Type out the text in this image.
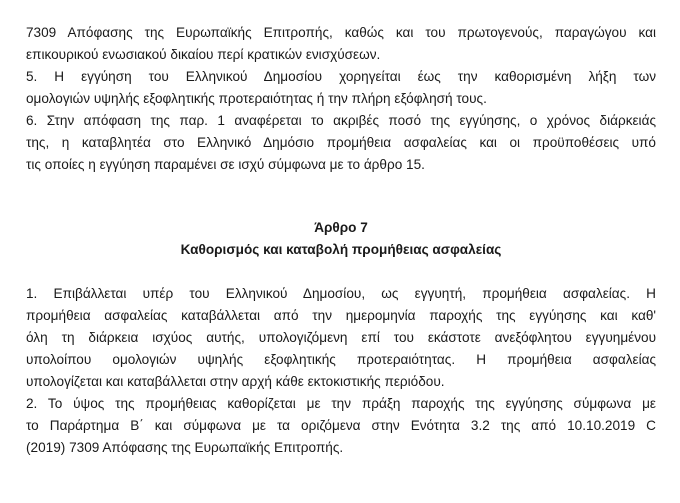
7309 Απόφασης της Ευρωπαϊκής Επιτροπής, καθώς και του πρωτογενούς, παραγώγου και
επικουρικού ενωσιακού δικαίου περί κρατικών ενισχύσεων.
5. Η εγγύηση του Ελληνικού Δημοσίου χορηγείται έως την καθορισμένη λήξη των
ομολογιών υψηλής εξοφλητικής προτεραιότητας ή την πλήρη εξόφλησή τους.
6. Στην απόφαση της παρ. 1 αναφέρεται το ακριβές ποσό της εγγύησης, ο χρόνος διάρκειάς
της, η καταβλητέα στο Ελληνικό Δημόσιο προμήθεια ασφαλείας και οι προϋποθέσεις υπό
τις οποίες η εγγύηση παραμένει σε ισχύ σύμφωνα με το άρθρο 15.
Άρθρο 7
Καθορισμός και καταβολή προμήθειας ασφαλείας
1. Επιβάλλεται υπέρ του Ελληνικού Δημοσίου, ως εγγυητή, προμήθεια ασφαλείας. Η
προμήθεια ασφαλείας καταβάλλεται από την ημερομηνία παροχής της εγγύησης και καθ'
όλη τη διάρκεια ισχύος αυτής, υπολογιζόμενη επί του εκάστοτε ανεξόφλητου εγγυημένου
υπολοίπου ομολογιών υψηλής εξοφλητικής προτεραιότητας. Η προμήθεια ασφαλείας
υπολογίζεται και καταβάλλεται στην αρχή κάθε εκτοκιστικής περιόδου.
2. Το ύψος της προμήθειας καθορίζεται με την πράξη παροχής της εγγύησης σύμφωνα με
το Παράρτημα Β΄ και σύμφωνα με τα οριζόμενα στην Ενότητα 3.2 της από 10.10.2019 C
(2019) 7309 Απόφασης της Ευρωπαϊκής Επιτροπής.
